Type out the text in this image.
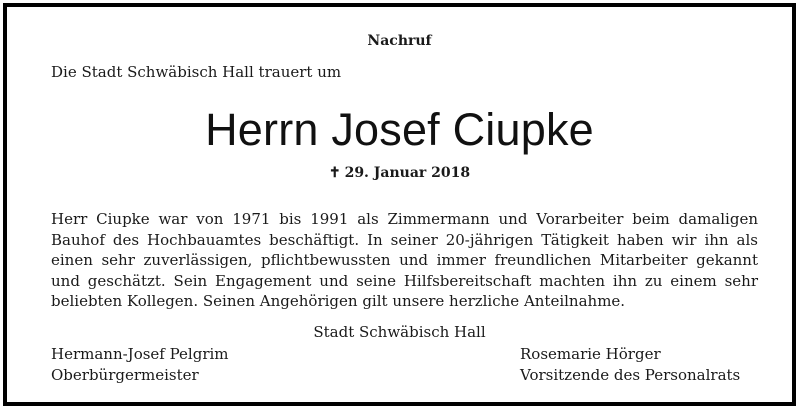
Nachruf
Die Stadt Schwäbisch Hall trauert um
Herrn Josef Ciupke
✝ 29. Januar 2018
Herr Ciupke war von 1971 bis 1991 als Zimmermann und Vorarbeiter beim damaligen Bauhof des Hochbauamtes beschäftigt. In seiner 20-jährigen Tätigkeit haben wir ihn als einen sehr zuverlässigen, pflichtbewussten und immer freundlichen Mitarbeiter gekannt und geschätzt. Sein Engagement und seine Hilfsbereitschaft machten ihn zu einem sehr beliebten Kollegen. Seinen Angehörigen gilt unsere herzliche Anteilnahme.
Stadt Schwäbisch Hall
Hermann-Josef Pelgrim
Oberbürgermeister
Rosemarie Hörger
Vorsitzende des Personalrats
